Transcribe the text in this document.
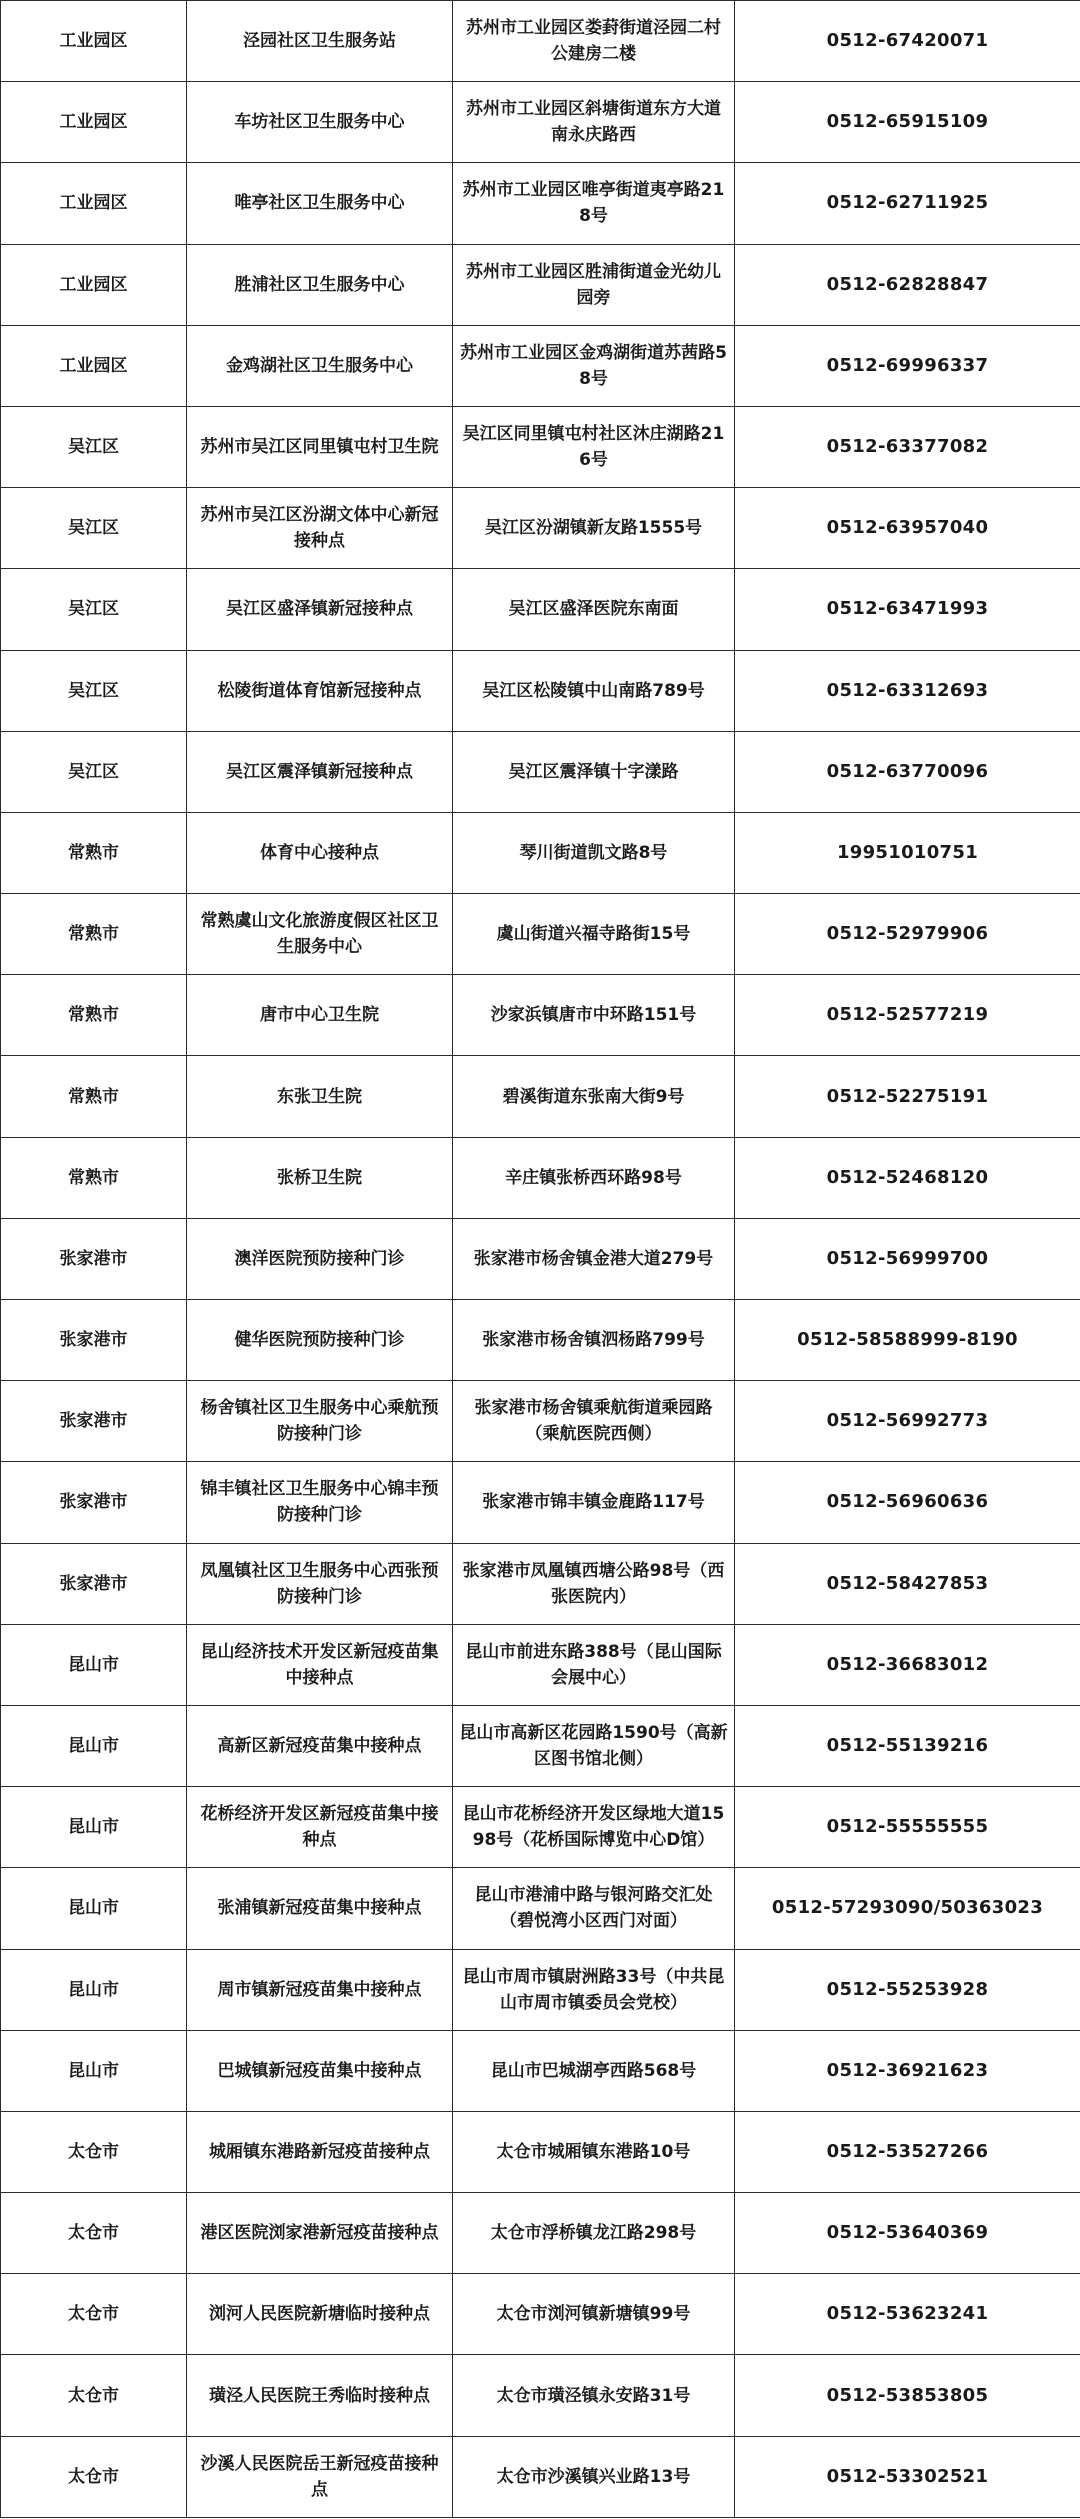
工业园区	泾园社区卫生服务站	苏州市工业园区娄葑街道泾园二村公建房二楼	0512-67420071
工业园区	车坊社区卫生服务中心	苏州市工业园区斜塘街道东方大道南永庆路西	0512-65915109
工业园区	唯亭社区卫生服务中心	苏州市工业园区唯亭街道夷亭路218号	0512-62711925
工业园区	胜浦社区卫生服务中心	苏州市工业园区胜浦街道金光幼儿园旁	0512-62828847
工业园区	金鸡湖社区卫生服务中心	苏州市工业园区金鸡湖街道苏茜路58号	0512-69996337
吴江区	苏州市吴江区同里镇屯村卫生院	吴江区同里镇屯村社区沐庄湖路216号	0512-63377082
吴江区	苏州市吴江区汾湖文体中心新冠接种点	吴江区汾湖镇新友路1555号	0512-63957040
吴江区	吴江区盛泽镇新冠接种点	吴江区盛泽医院东南面	0512-63471993
吴江区	松陵街道体育馆新冠接种点	吴江区松陵镇中山南路789号	0512-63312693
吴江区	吴江区震泽镇新冠接种点	吴江区震泽镇十字漾路	0512-63770096
常熟市	体育中心接种点	琴川街道凯文路8号	19951010751
常熟市	常熟虞山文化旅游度假区社区卫生服务中心	虞山街道兴福寺路街15号	0512-52979906
常熟市	唐市中心卫生院	沙家浜镇唐市中环路151号	0512-52577219
常熟市	东张卫生院	碧溪街道东张南大街9号	0512-52275191
常熟市	张桥卫生院	辛庄镇张桥西环路98号	0512-52468120
张家港市	澳洋医院预防接种门诊	张家港市杨舍镇金港大道279号	0512-56999700
张家港市	健华医院预防接种门诊	张家港市杨舍镇泗杨路799号	0512-58588999-8190
张家港市	杨舍镇社区卫生服务中心乘航预防接种门诊	张家港市杨舍镇乘航街道乘园路（乘航医院西侧）	0512-56992773
张家港市	锦丰镇社区卫生服务中心锦丰预防接种门诊	张家港市锦丰镇金鹿路117号	0512-56960636
张家港市	凤凰镇社区卫生服务中心西张预防接种门诊	张家港市凤凰镇西塘公路98号（西张医院内）	0512-58427853
昆山市	昆山经济技术开发区新冠疫苗集中接种点	昆山市前进东路388号（昆山国际会展中心）	0512-36683012
昆山市	高新区新冠疫苗集中接种点	昆山市高新区花园路1590号（高新区图书馆北侧）	0512-55139216
昆山市	花桥经济开发区新冠疫苗集中接种点	昆山市花桥经济开发区绿地大道1598号（花桥国际博览中心D馆）	0512-55555555
昆山市	张浦镇新冠疫苗集中接种点	昆山市港浦中路与银河路交汇处（碧悦湾小区西门对面）	0512-57293090/50363023
昆山市	周市镇新冠疫苗集中接种点	昆山市周市镇尉洲路33号（中共昆山市周市镇委员会党校）	0512-55253928
昆山市	巴城镇新冠疫苗集中接种点	昆山市巴城湖亭西路568号	0512-36921623
太仓市	城厢镇东港路新冠疫苗接种点	太仓市城厢镇东港路10号	0512-53527266
太仓市	港区医院浏家港新冠疫苗接种点	太仓市浮桥镇龙江路298号	0512-53640369
太仓市	浏河人民医院新塘临时接种点	太仓市浏河镇新塘镇99号	0512-53623241
太仓市	璜泾人民医院王秀临时接种点	太仓市璜泾镇永安路31号	0512-53853805
太仓市	沙溪人民医院岳王新冠疫苗接种点	太仓市沙溪镇兴业路13号	0512-53302521
